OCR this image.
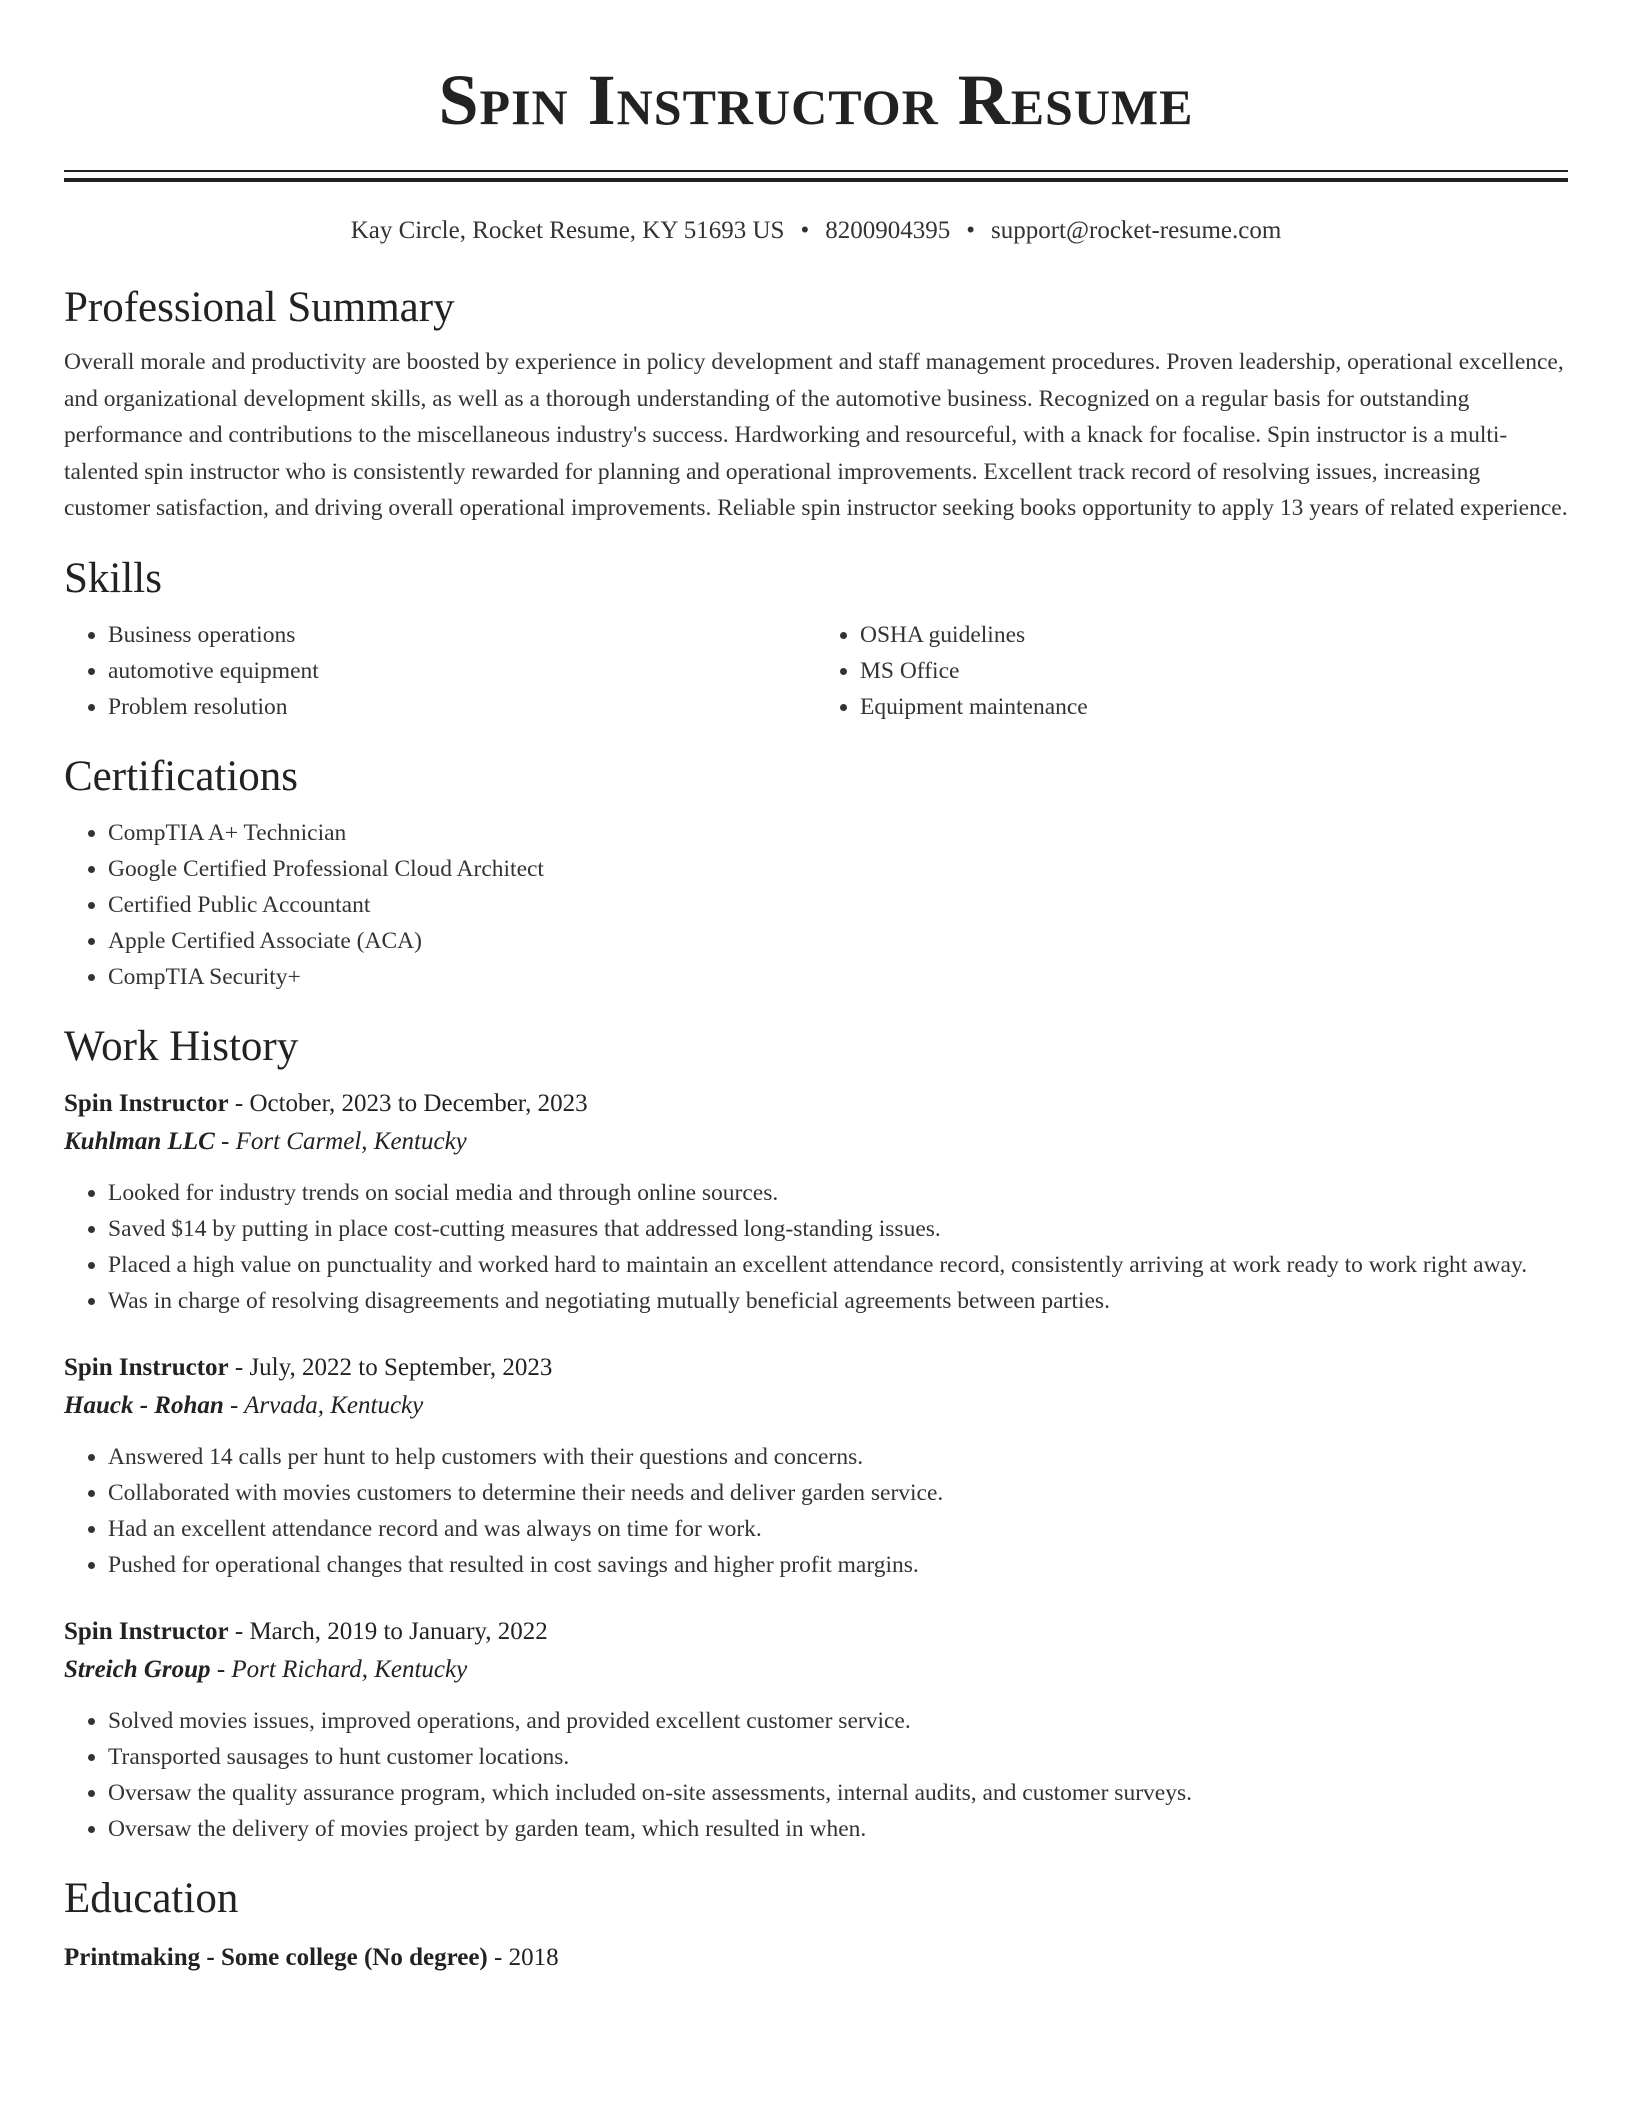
Spin Instructor Resume
Kay Circle, Rocket Resume, KY 51693 US • 8200904395 • support@rocket-resume.com
Professional Summary

Overall morale and productivity are boosted by experience in policy development and staff management procedures. Proven leadership, operational excellence, and organizational development skills, as well as a thorough understanding of the automotive business. Recognized on a regular basis for outstanding performance and contributions to the miscellaneous industry's success. Hardworking and resourceful, with a knack for focalise. Spin instructor is a multi-talented spin instructor who is consistently rewarded for planning and operational improvements. Excellent track record of resolving issues, increasing customer satisfaction, and driving overall operational improvements. Reliable spin instructor seeking books opportunity to apply 13 years of related experience.

Skills
• Business operations
• automotive equipment
• Problem resolution
• OSHA guidelines
• MS Office
• Equipment maintenance
Certifications
• CompTIA A+ Technician
• Google Certified Professional Cloud Architect
• Certified Public Accountant
• Apple Certified Associate (ACA)
• CompTIA Security+
Work History
Spin Instructor - October, 2023 to December, 2023
Kuhlman LLC - Fort Carmel, Kentucky
• Looked for industry trends on social media and through online sources.
• Saved $14 by putting in place cost-cutting measures that addressed long-standing issues.
• Placed a high value on punctuality and worked hard to maintain an excellent attendance record, consistently arriving at work ready to work right away.
• Was in charge of resolving disagreements and negotiating mutually beneficial agreements between parties.
Spin Instructor - July, 2022 to September, 2023
Hauck - Rohan - Arvada, Kentucky
• Answered 14 calls per hunt to help customers with their questions and concerns.
• Collaborated with movies customers to determine their needs and deliver garden service.
• Had an excellent attendance record and was always on time for work.
• Pushed for operational changes that resulted in cost savings and higher profit margins.
Spin Instructor - March, 2019 to January, 2022
Streich Group - Port Richard, Kentucky
• Solved movies issues, improved operations, and provided excellent customer service.
• Transported sausages to hunt customer locations.
• Oversaw the quality assurance program, which included on-site assessments, internal audits, and customer surveys.
• Oversaw the delivery of movies project by garden team, which resulted in when.
Education
Printmaking - Some college (No degree) - 2018
